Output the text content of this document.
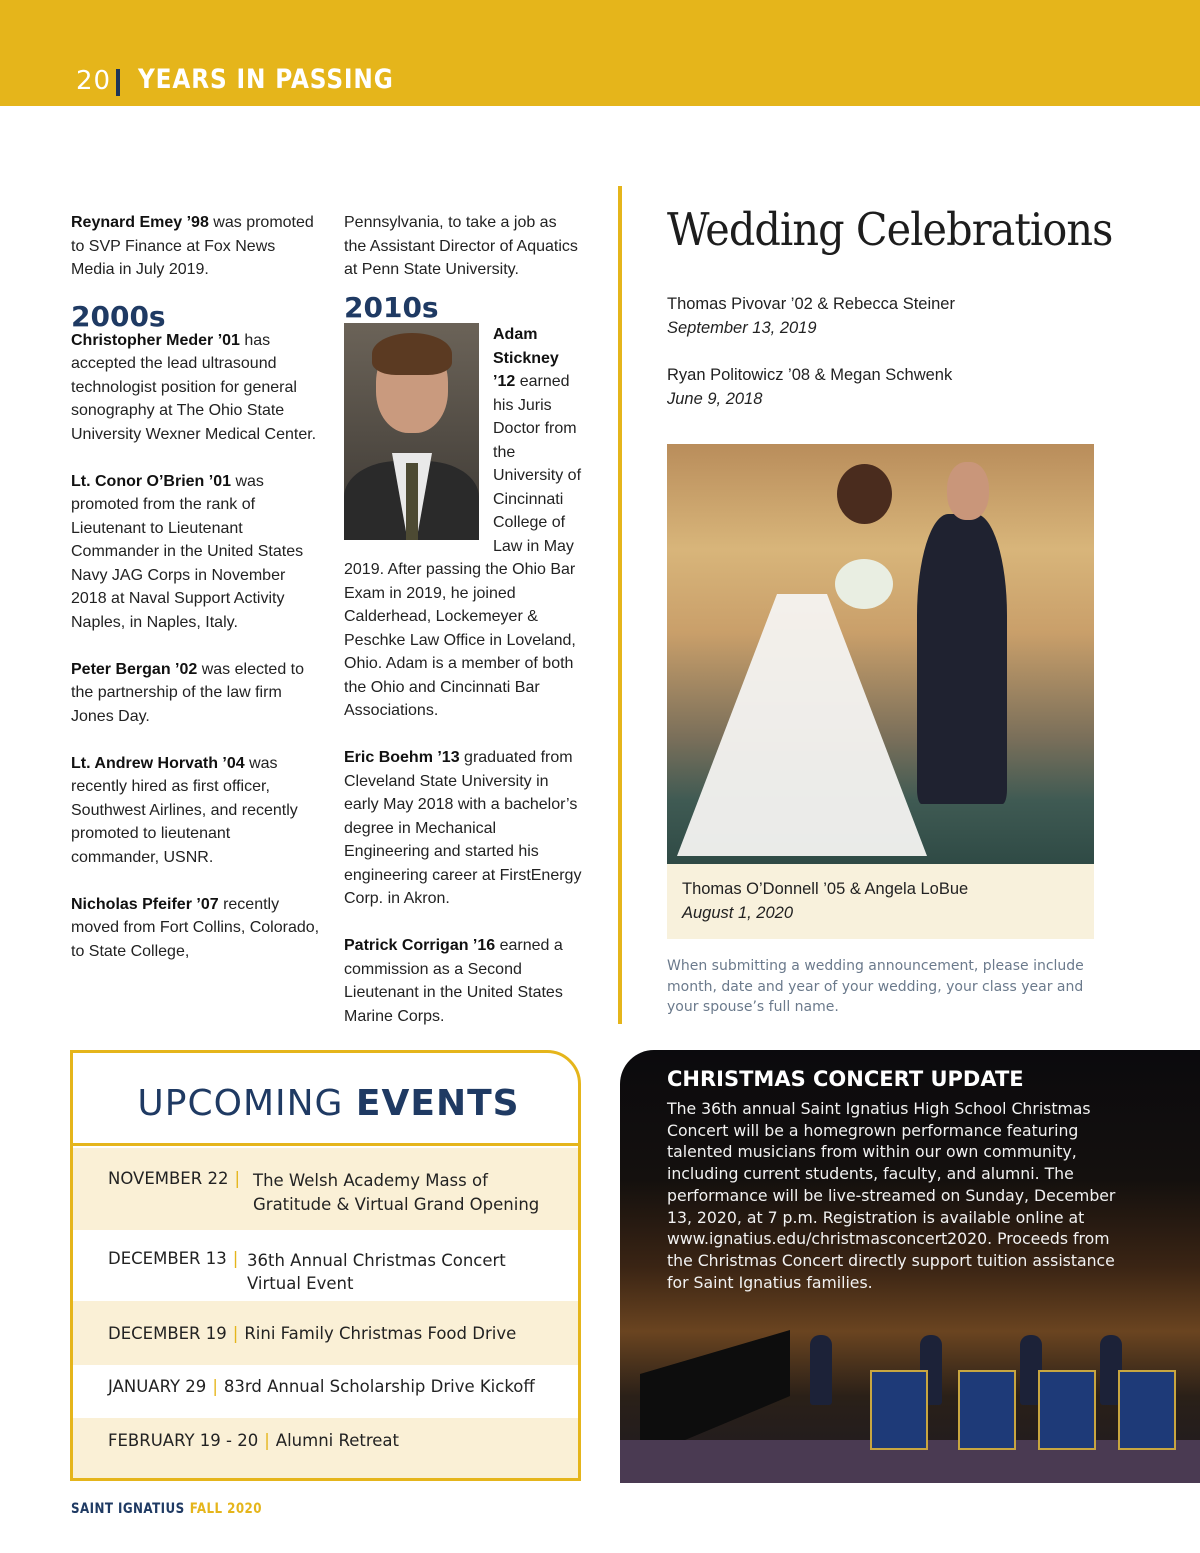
20 YEARS IN PASSING

Reynard Emey ’98 was promoted to SVP Finance at Fox News Media in July 2019.

2000s

Christopher Meder ’01 has accepted the lead ultrasound technologist position for general sonography at The Ohio State University Wexner Medical Center.

Lt. Conor O’Brien ’01 was promoted from the rank of Lieutenant to Lieutenant Commander in the United States Navy JAG Corps in November 2018 at Naval Support Activity Naples, in Naples, Italy.

Peter Bergan ’02 was elected to the partnership of the law firm Jones Day.

Lt. Andrew Horvath ’04 was recently hired as first officer, Southwest Airlines, and recently promoted to lieutenant commander, USNR.

Nicholas Pfeifer ’07 recently moved from Fort Collins, Colorado, to State College,

Pennsylvania, to take a job as the Assistant Director of Aquatics at Penn State University.

2010s

Adam Stickney ’12 earned his Juris Doctor from the University of Cincinnati College of Law in May 2019. After passing the Ohio Bar Exam in 2019, he joined Calderhead, Lockemeyer & Peschke Law Office in Loveland, Ohio. Adam is a member of both the Ohio and Cincinnati Bar Associations.

Eric Boehm ’13 graduated from Cleveland State University in early May 2018 with a bachelor’s degree in Mechanical Engineering and started his engineering career at FirstEnergy Corp. in Akron.

Patrick Corrigan ’16 earned a commission as a Second Lieutenant in the United States Marine Corps.

Wedding Celebrations
Thomas Pivovar ’02 & Rebecca Steiner
September 13, 2019
Ryan Politowicz ’08 & Megan Schwenk
June 9, 2018
Thomas O’Donnell ’05 & Angela LoBue
August 1, 2020
When submitting a wedding announcement, please include month, date and year of your wedding, your class year and your spouse’s full name.
UPCOMING EVENTS
NOVEMBER 22 | The Welsh Academy Mass of
Gratitude & Virtual Grand Opening
DECEMBER 13 | 36th Annual Christmas Concert
Virtual Event
DECEMBER 19 | Rini Family Christmas Food Drive
JANUARY 29 | 83rd Annual Scholarship Drive Kickoff
FEBRUARY 19 - 20 | Alumni Retreat
CHRISTMAS CONCERT UPDATE
The 36th annual Saint Ignatius High School Christmas Concert will be a homegrown performance featuring talented musicians from within our own community, including current students, faculty, and alumni. The performance will be live-streamed on Sunday, December 13, 2020, at 7 p.m. Registration is available online at www.ignatius.edu/christmasconcert2020. Proceeds from the Christmas Concert directly support tuition assistance for Saint Ignatius families.
SAINT IGNATIUS FALL 2020
